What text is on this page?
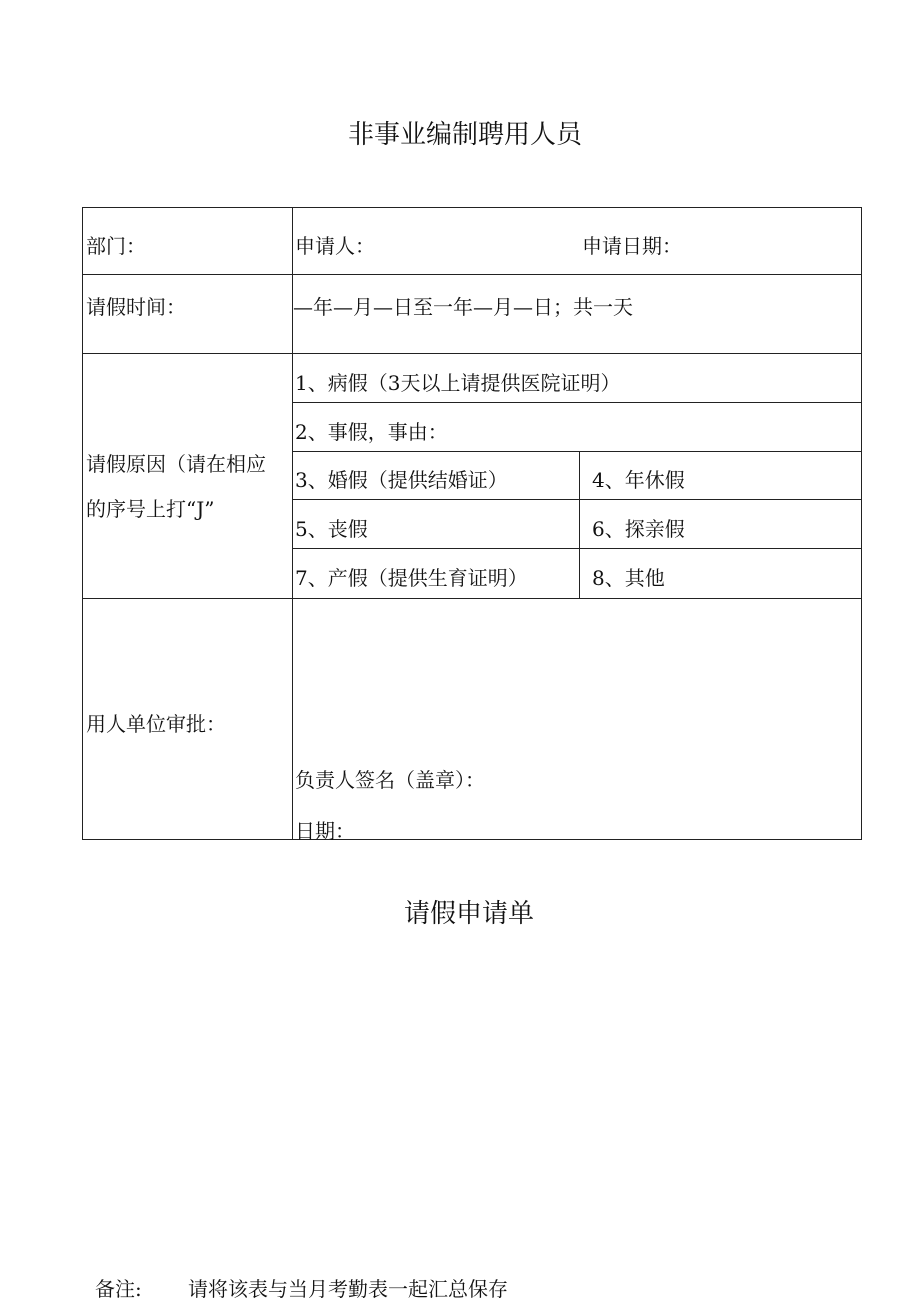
非事业编制聘用人员
请假申请单
部门：	申请人：	申请日期：
请假时间：	—年—月—日至一年—月—日；共一天
请假原因（请在相应
的序号上打“J”
1、病假（3天以上请提供医院证明）
2、事假，事由：
3、婚假（提供结婚证）	4、年休假
5、丧假	6、探亲假
7、产假（提供生育证明）	8、其他
用人单位审批：
负责人签名（盖章）：
日期：
备注: 请将该表与当月考勤表一起汇总保存
